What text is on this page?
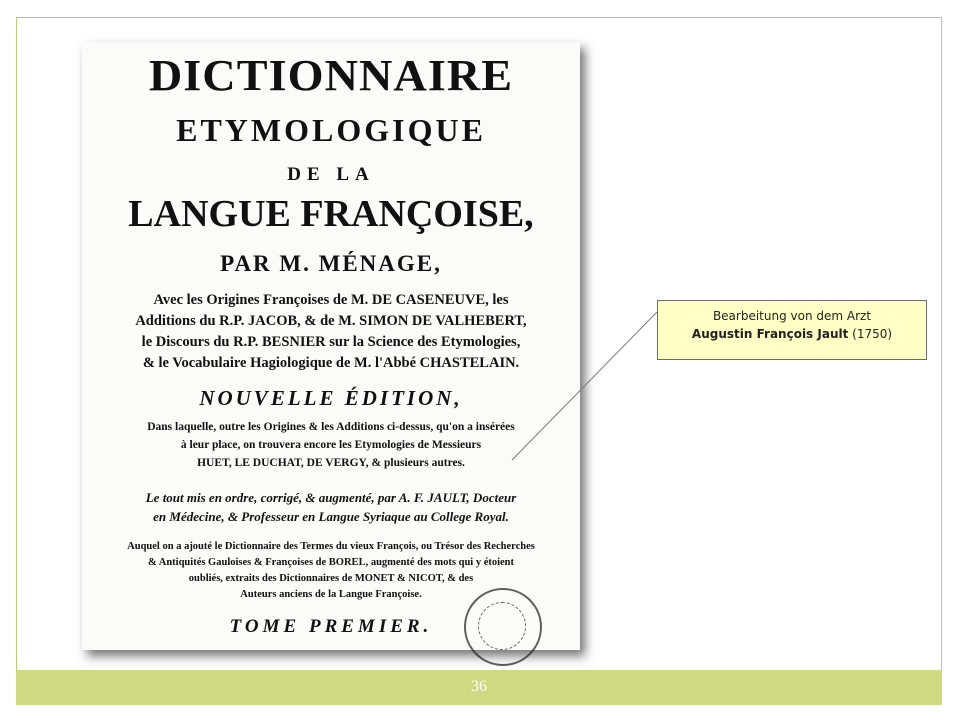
DICTIONNAIRE
ETYMOLOGIQUE
DE LA
LANGUE FRANÇOISE,
PAR M. MÉNAGE,
Avec les Origines Françoises de M. DE CASENEUVE, les
Additions du R.P. JACOB, & de M. SIMON DE VALHEBERT,
le Discours du R.P. BESNIER sur la Science des Etymologies,
& le Vocabulaire Hagiologique de M. l'Abbé CHASTELAIN.
NOUVELLE ÉDITION,
Dans laquelle, outre les Origines & les Additions ci-dessus, qu'on a insérées
à leur place, on trouvera encore les Etymologies de Messieurs
HUET, LE DUCHAT, DE VERGY, & plusieurs autres.
Le tout mis en ordre, corrigé, & augmenté, par A. F. JAULT, Docteur
en Médecine, & Professeur en Langue Syriaque au College Royal.
Auquel on a ajouté le Dictionnaire des Termes du vieux François, ou Trésor des Recherches
& Antiquités Gauloises & Françoises de BOREL, augmenté des mots qui y étoient
oubliés, extraits des Dictionnaires de MONET & NICOT, & des
Auteurs anciens de la Langue Françoise.
TOME PREMIER.
Bearbeitung von dem Arzt
Augustin François Jault (1750)
36
